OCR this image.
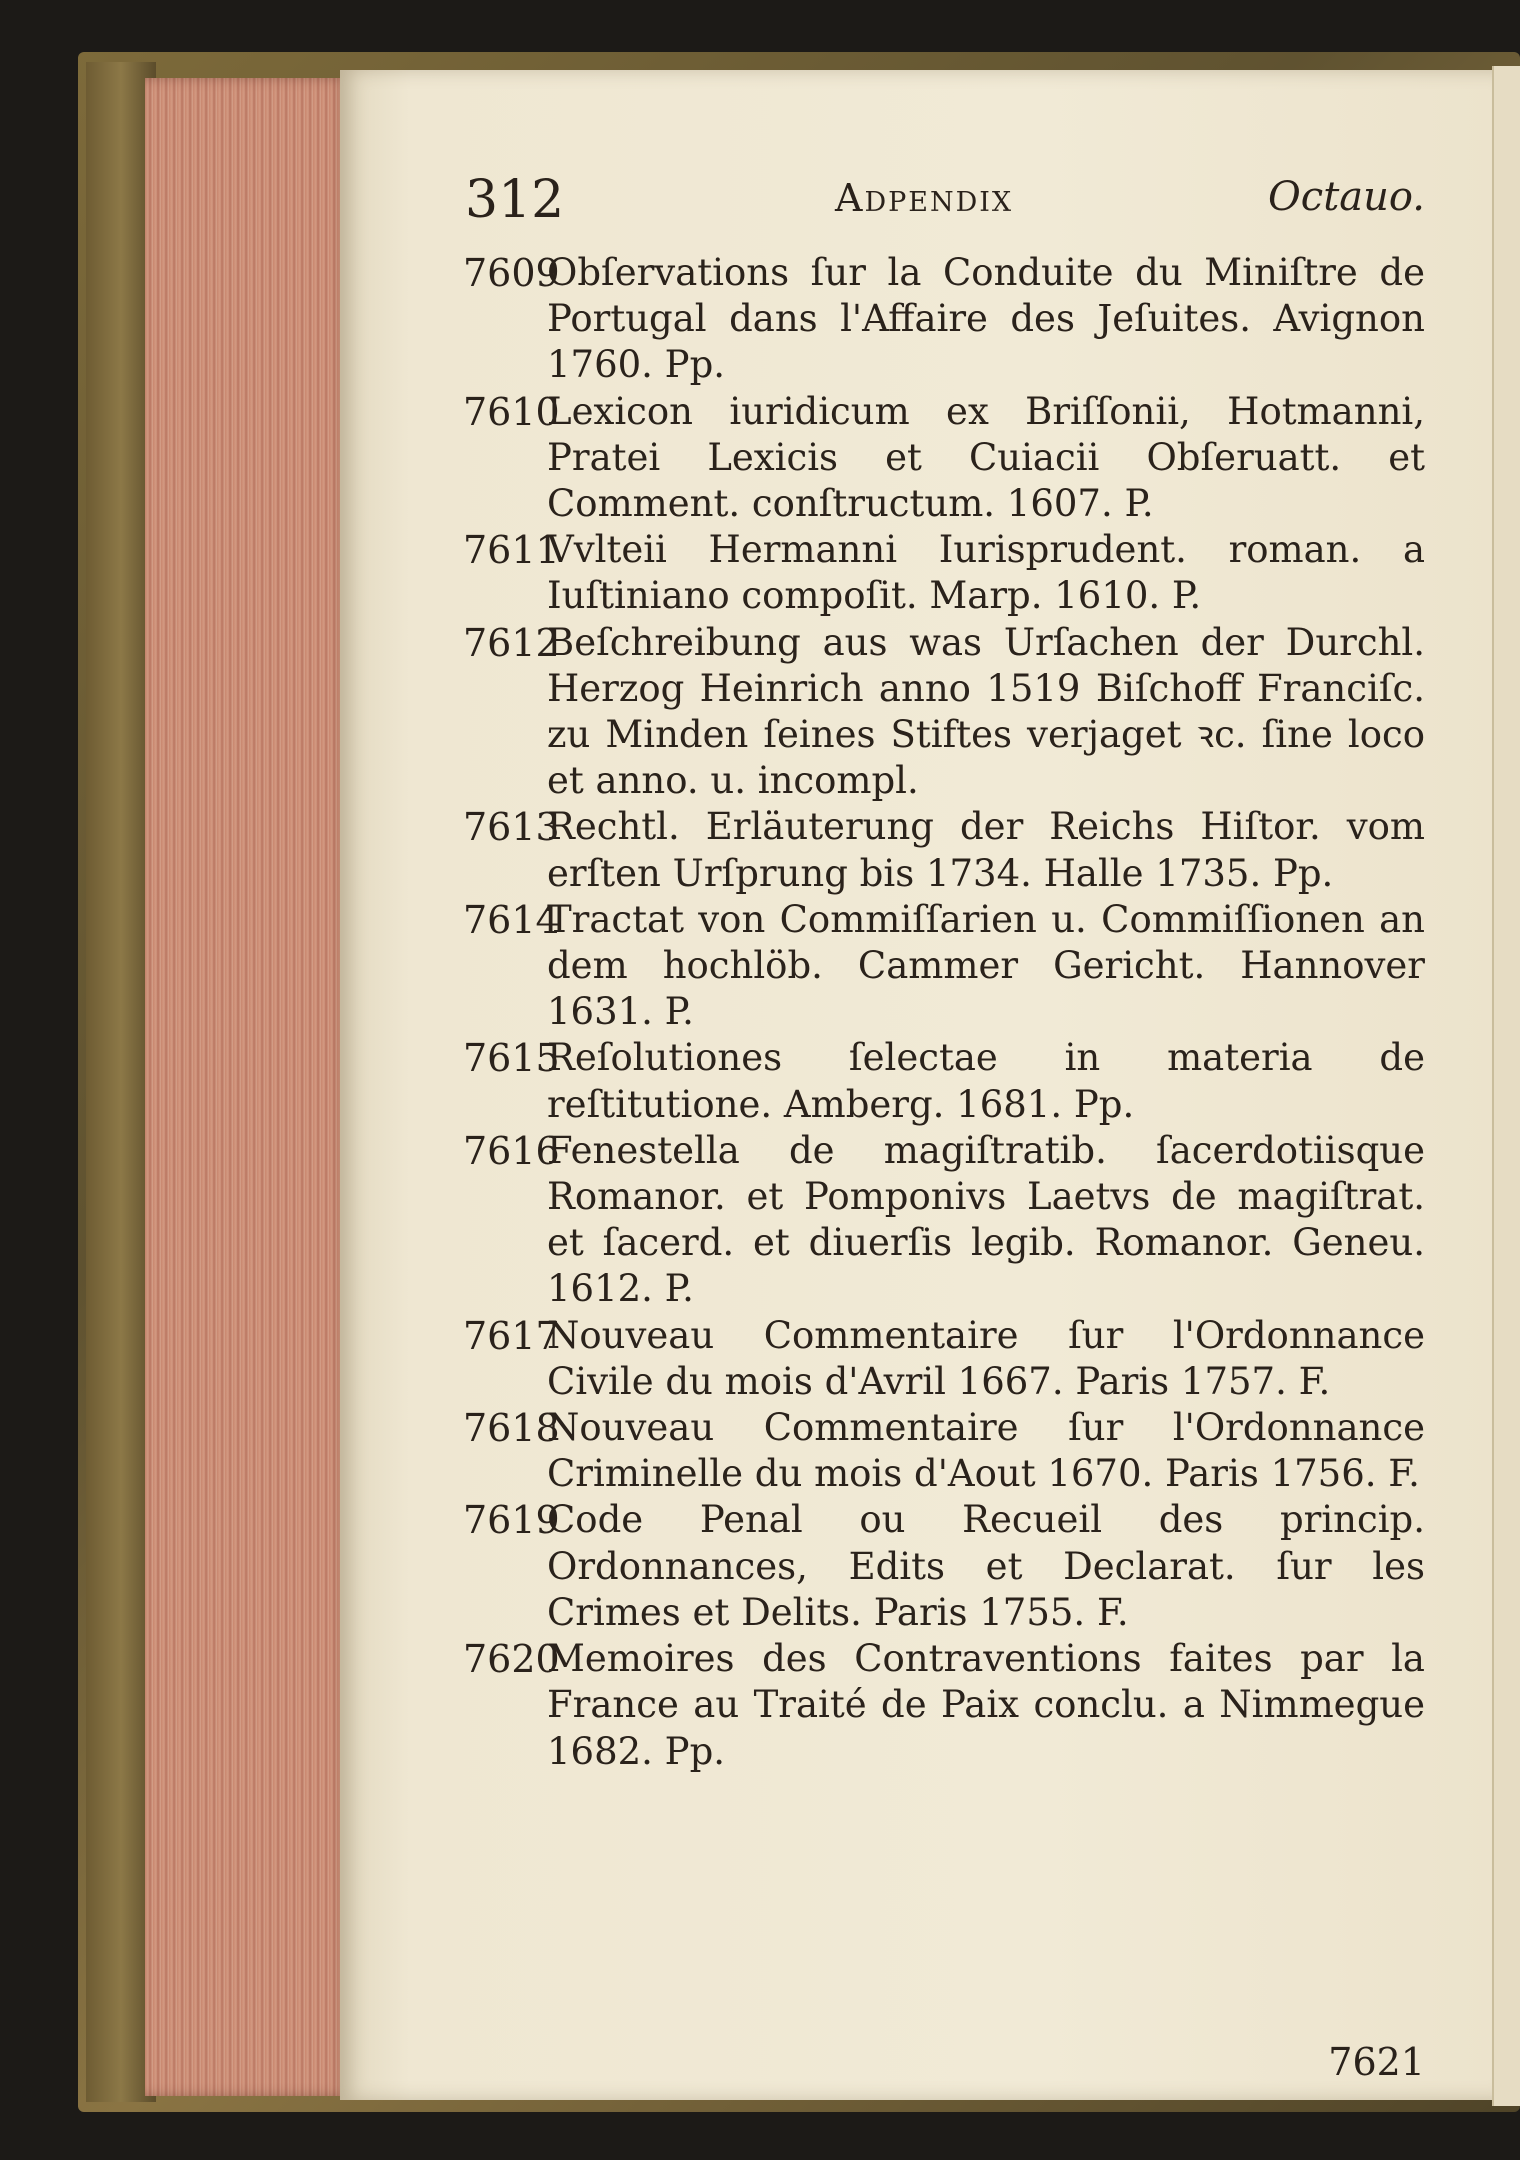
312	Adpendix	Octauo.
7609
Obſervations ſur la Conduite du Miniſtre de Portugal dans l'Affaire des Jeſuites. Avignon 1760. Pp.
7610
Lexicon iuridicum ex Briſſonii, Hotmanni, Pratei Lexicis et Cuiacii Obſeruatt. et Comment. conſtructum. 1607. P.
7611
Vvlteii Hermanni Iurisprudent. roman. a Iuſtiniano compoſit. Marp. 1610. P.
7612
Beſchreibung aus was Urſachen der Durchl. Herzog Heinrich anno 1519 Biſchoff Franciſc. zu Minden ſeines Stiftes verjaget ꝛc. ſine loco et anno. u. incompl.
7613
Rechtl. Erläuterung der Reichs Hiſtor. vom erſten Urſprung bis 1734. Halle 1735. Pp.
7614
Tractat von Commiſſarien u. Commiſſionen an dem hochlöb. Cammer Gericht. Hannover 1631. P.
7615
Reſolutiones ſelectae in materia de reſtitutione. Amberg. 1681. Pp.
7616
Fenestella de magiſtratib. ſacerdotiisque Romanor. et Pomponivs Laetvs de magiſtrat. et ſacerd. et diuerſis legib. Romanor. Geneu. 1612. P.
7617
Nouveau Commentaire ſur l'Ordonnance Civile du mois d'Avril 1667. Paris 1757. F.
7618
Nouveau Commentaire ſur l'Ordonnance Criminelle du mois d'Aout 1670. Paris 1756. F.
7619
Code Penal ou Recueil des princip. Ordonnances, Edits et Declarat. ſur les Crimes et Delits. Paris 1755. F.
7620
Memoires des Contraventions faites par la France au Traité de Paix conclu. a Nimmegue 1682. Pp.
7621
